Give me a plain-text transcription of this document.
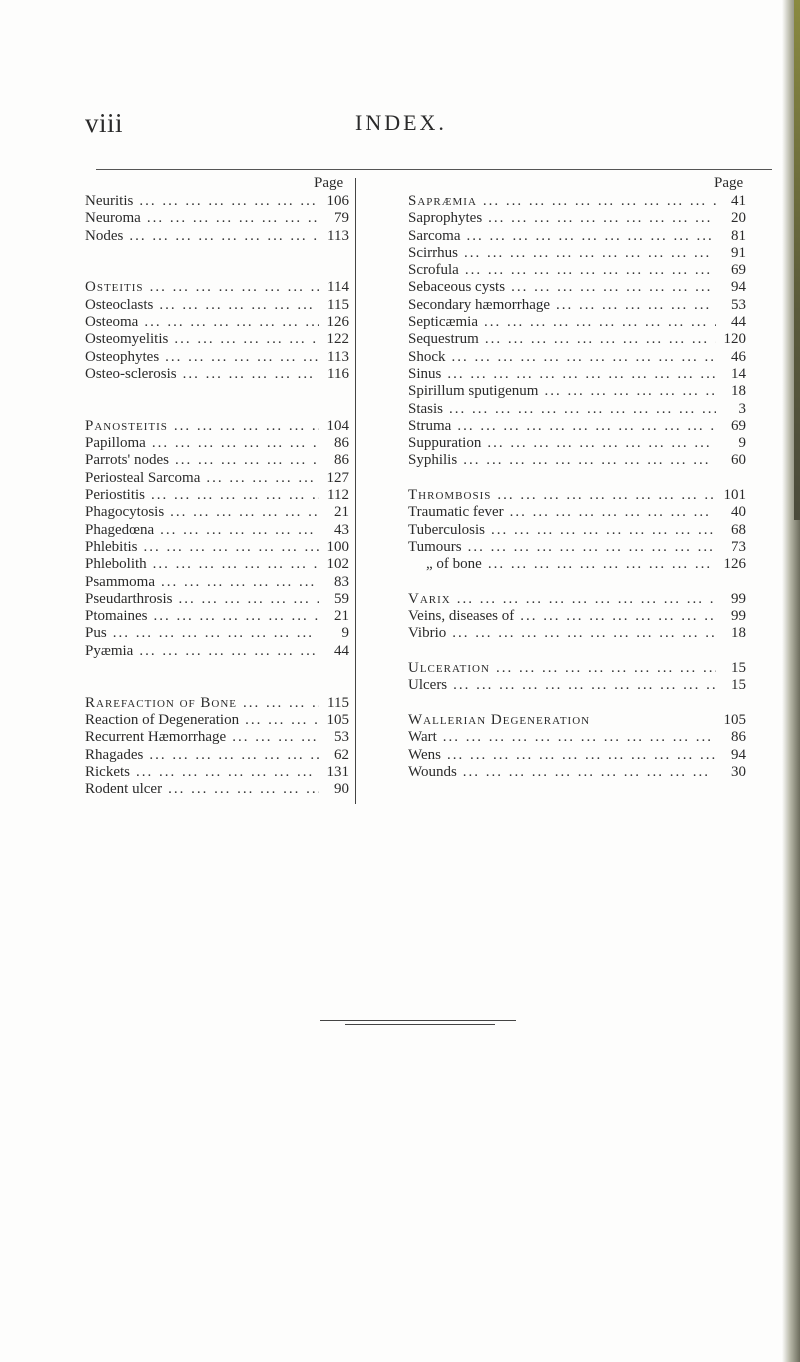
viii	INDEX.
Page	Page
Neuritis ... .	106
Neuroma ... .	79
Nodes ... .	113
Osteitis ... .	114
Osteoclasts ... .	115
Osteoma ... .	126
Osteomyelitis ... .	122
Osteophytes ... .	113
Osteo-sclerosis ... .	116
Panosteitis ... .	104
Papilloma ... .	86
Parrots' nodes ... .	86
Periosteal Sarcoma ... .	127
Periostitis ... .	112
Phagocytosis ... .	21
Phagedœna ... .	43
Phlebitis ... .	100
Phlebolith ... .	102
Psammoma ... .	83
Pseudarthrosis ... .	59
Ptomaines ... .	21
Pus ... .	9
Pyæmia ... .	44
Rarefaction of Bone ... .	115
Reaction of Degeneration ... .	105
Recurrent Hæmorrhage ... .	53
Rhagades ... .	62
Rickets ... .	131
Rodent ulcer ... .	90
Sapræmia ... .	41
Saprophytes ... .	20
Sarcoma ... .	81
Scirrhus ... .	91
Scrofula ... .	69
Sebaceous cysts ... .	94
Secondary hæmorrhage ... .	53
Septicæmia ... .	44
Sequestrum ... .	120
Shock ... .	46
Sinus ... .	14
Spirillum sputigenum ... .	18
Stasis ... .	3
Struma ... .	69
Suppuration ... .	9
Syphilis ... .	60
Thrombosis ... .	101
Traumatic fever ... .	40
Tuberculosis ... .	68
Tumours ... .	73
„ of bone ... .	126
Varix ... .	99
Veins, diseases of ... .	99
Vibrio ... .	18
Ulceration ... .	15
Ulcers ... .	15
Wallerian Degeneration	105
Wart ... .	86
Wens ... .	94
Wounds ... .	30
